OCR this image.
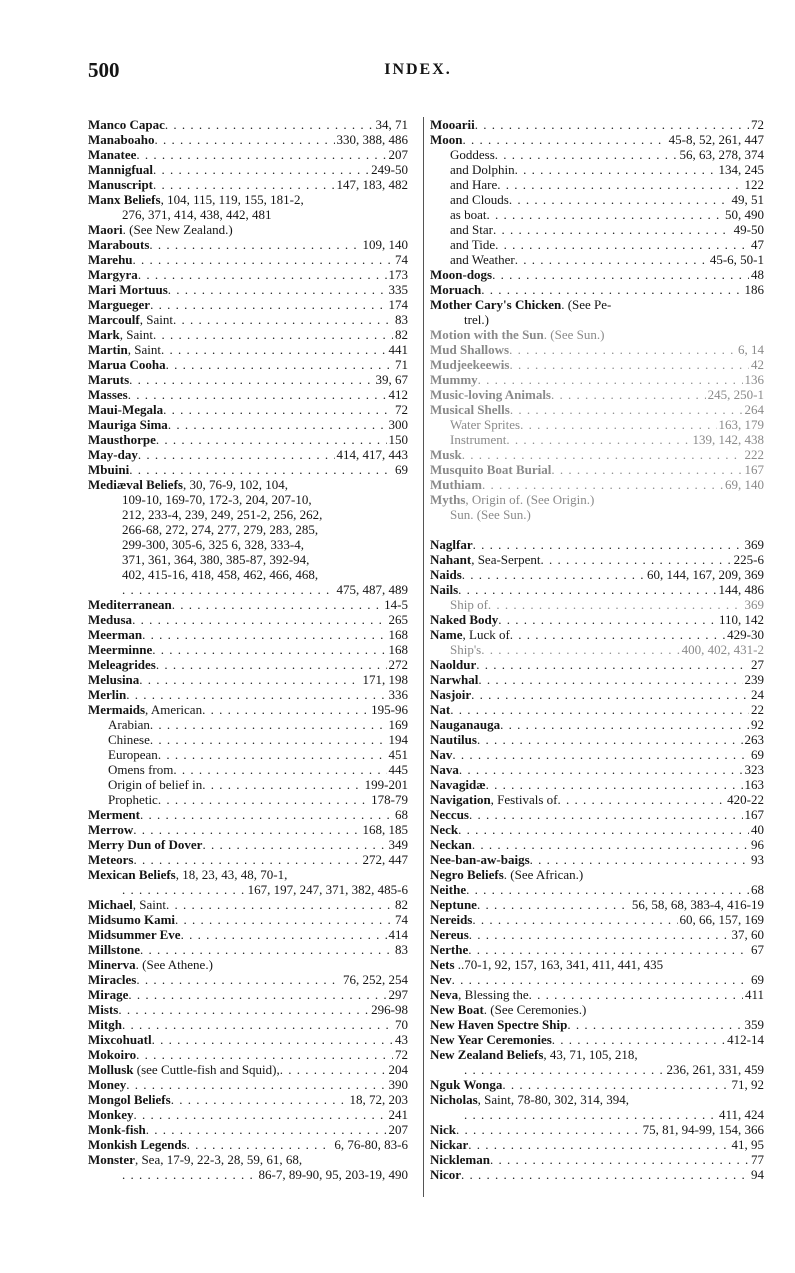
500	INDEX.
Manco Capac . . .	34, 71
Manaboaho . . .	330, 388, 486
Manatee . . .	207
Mannigfual . . .	249-50
Manuscript . . .	147, 183, 482
Manx Beliefs, 104, 115, 119, 155, 181-2,
276, 371, 414, 438, 442, 481
Maori. (See New Zealand.)
Marabouts . . .	109, 140
Marehu . . .	74
Margyra . . .	173
Mari Mortuus . . .	335
Margueger . . .	174
Marcoulf, Saint . . .	83
Mark, Saint . . .	82
Martin, Saint . . .	441
Marua Cooha . . .	71
Maruts . . .	39, 67
Masses . . .	412
Maui-Megala . . .	72
Mauriga Sima . . .	300
Mausthorpe . . .	150
May-day . . .	414, 417, 443
Mbuini . . .	69
Mediæval Beliefs, 30, 76-9, 102, 104,
109-10, 169-70, 172-3, 204, 207-10,
212, 233-4, 239, 249, 251-2, 256, 262,
266-68, 272, 274, 277, 279, 283, 285,
299-300, 305-6, 325 6, 328, 333-4,
371, 361, 364, 380, 385-87, 392-94,
402, 415-16, 418, 458, 462, 466, 468,
. . .
475, 487, 489
Mediterranean . . .	14-5
Medusa . . .	265
Meerman . . .	168
Meerminne . . .	168
Meleagrides . . .	272
Melusina . . .	171, 198
Merlin . . .	336
Mermaids, American . . .	195-96
Arabian . . .	169
Chinese . . .	194
European . . .	451
Omens from . . .	445
Origin of belief in . . .	199-201
Prophetic . . .	178-79
Merment . . .	68
Merrow . . .	168, 185
Merry Dun of Dover . . .	349
Meteors . . .	272, 447
Mexican Beliefs, 18, 23, 43, 48, 70-1,
. . .
167, 197, 247, 371, 382, 485-6
Michael, Saint . . .	82
Midsumo Kami . . .	74
Midsummer Eve . . .	414
Millstone . . .	83
Minerva. (See Athene.)
Miracles . . .	76, 252, 254
Mirage . . .	297
Mists . . .	296-98
Mitgh . . .	70
Mixcohuatl . . .	43
Mokoiro . . .	72
Mollusk (see Cuttle-fish and Squid), . . .	204
Money . . .	390
Mongol Beliefs . . .	18, 72, 203
Monkey . . .	241
Monk-fish . . .	207
Monkish Legends . . .	6, 76-80, 83-6
Monster, Sea, 17-9, 22-3, 28, 59, 61, 68,
. . .
86-7, 89-90, 95, 203-19, 490
Mooarii . . .	72
Moon . . .	45-8, 52, 261, 447
Goddess . . .	56, 63, 278, 374
and Dolphin . . .	134, 245
and Hare . . .	122
and Clouds . . .	49, 51
as boat . . .	50, 490
and Star . . .	49-50
and Tide . . .	47
and Weather . . .	45-6, 50-1
Moon-dogs . . .	48
Moruach . . .	186
Mother Cary's Chicken. (See Pe-
trel.)
Motion with the Sun. (See Sun.)
Mud Shallows . . .	6, 14
Mudjeekeewis . . .	42
Mummy . . .	136
Music-loving Animals . . .	245, 250-1
Musical Shells . . .	264
Water Sprites . . .	163, 179
Instrument . . .	139, 142, 438
Musk . . .	222
Musquito Boat Burial . . .	167
Muthiam . . .	69, 140
Myths, Origin of. (See Origin.)
Sun. (See Sun.)
Naglfar . . .	369
Nahant, Sea-Serpent . . .	225-6
Naids . . .	60, 144, 167, 209, 369
Nails . . .	144, 486
Ship of . . .	369
Naked Body . . .	110, 142
Name, Luck of . . .	429-30
Ship's . . .	400, 402, 431-2
Naoldur . . .	27
Narwhal . . .	239
Nasjoir . . .	24
Nat . . .	22
Nauganauga . . .	92
Nautilus . . .	263
Nav . . .	69
Nava . . .	323
Navagidæ . . .	163
Navigation, Festivals of . . .	420-22
Neccus . . .	167
Neck . . .	40
Neckan . . .	96
Nee-ban-aw-baigs . . .	93
Negro Beliefs. (See African.)
Neithe . . .	68
Neptune . . .	56, 58, 68, 383-4, 416-19
Nereids . . .	60, 66, 157, 169
Nereus . . .	37, 60
Nerthe . . .	67
Nets ..70-1, 92, 157, 163, 341, 411, 441, 435
Nev . . .	69
Neva, Blessing the . . .	411
New Boat. (See Ceremonies.)
New Haven Spectre Ship . . .	359
New Year Ceremonies . . .	412-14
New Zealand Beliefs, 43, 71, 105, 218,
. . .
236, 261, 331, 459
Nguk Wonga . . .	71, 92
Nicholas, Saint, 78-80, 302, 314, 394,
. . .
411, 424
Nick . . .	75, 81, 94-99, 154, 366
Nickar . . .	41, 95
Nickleman . . .	77
Nicor . . .	94
